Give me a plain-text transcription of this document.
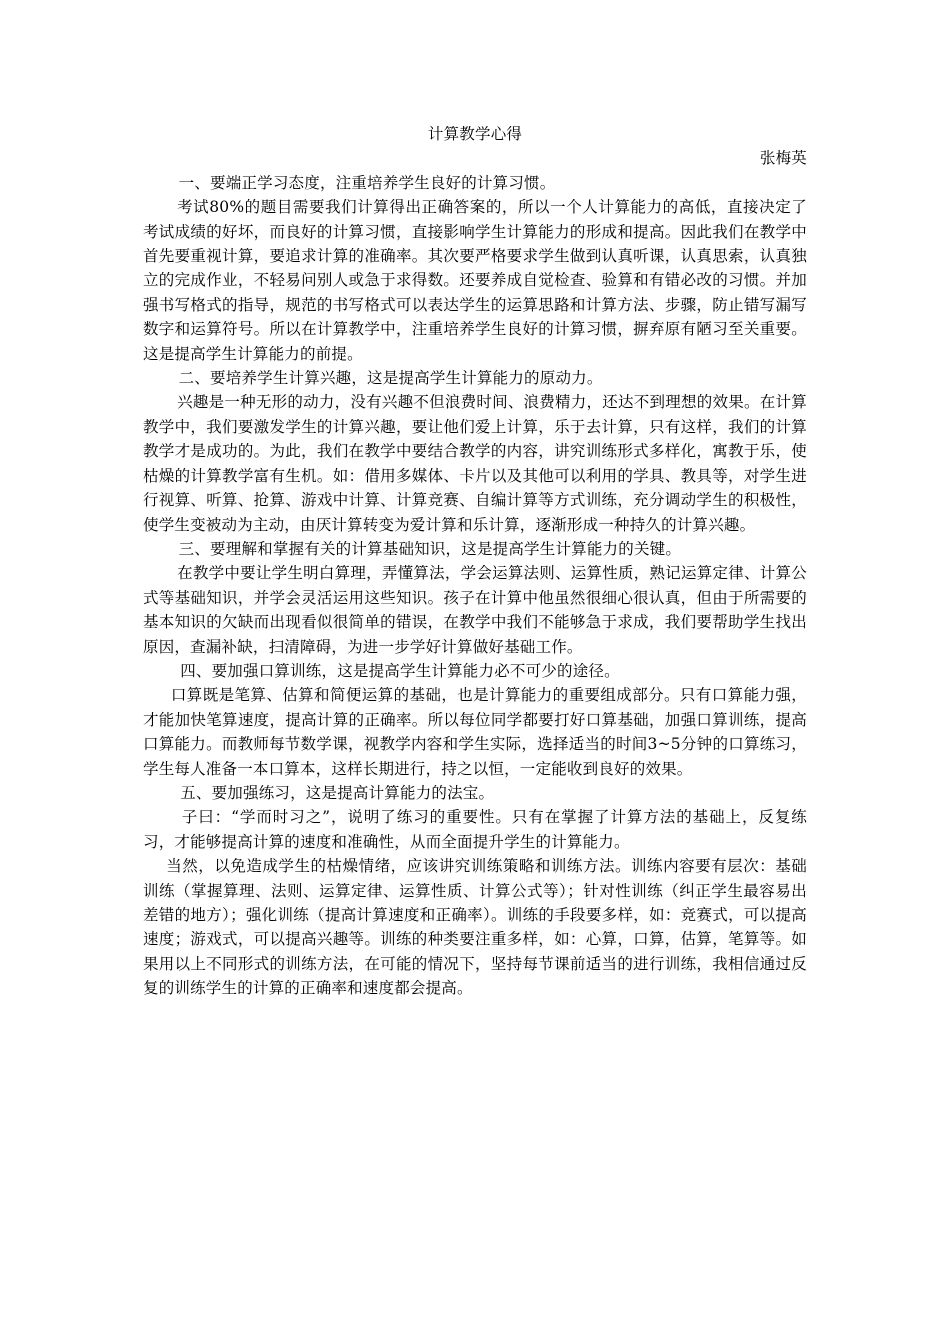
计算教学心得

张梅英

一、要端正学习态度，注重培养学生良好的计算习惯。

考试80%的题目需要我们计算得出正确答案的，所以一个人计算能力的高低，直接决定了考试成绩的好坏，而良好的计算习惯，直接影响学生计算能力的形成和提高。因此我们在教学中首先要重视计算，要追求计算的准确率。其次要严格要求学生做到认真听课，认真思索，认真独立的完成作业，不轻易问别人或急于求得数。还要养成自觉检查、验算和有错必改的习惯。并加强书写格式的指导，规范的书写格式可以表达学生的运算思路和计算方法、步骤，防止错写漏写数字和运算符号。所以在计算教学中，注重培养学生良好的计算习惯，摒弃原有陋习至关重要。这是提高学生计算能力的前提。

二、要培养学生计算兴趣，这是提高学生计算能力的原动力。

兴趣是一种无形的动力，没有兴趣不但浪费时间、浪费精力，还达不到理想的效果。在计算教学中，我们要激发学生的计算兴趣，要让他们爱上计算，乐于去计算，只有这样，我们的计算教学才是成功的。为此，我们在教学中要结合教学的内容，讲究训练形式多样化，寓教于乐，使枯燥的计算教学富有生机。如：借用多媒体、卡片以及其他可以利用的学具、教具等，对学生进行视算、听算、抢算、游戏中计算、计算竞赛、自编计算等方式训练，充分调动学生的积极性，使学生变被动为主动，由厌计算转变为爱计算和乐计算，逐渐形成一种持久的计算兴趣。

三、要理解和掌握有关的计算基础知识，这是提高学生计算能力的关键。

在教学中要让学生明白算理，弄懂算法，学会运算法则、运算性质，熟记运算定律、计算公式等基础知识，并学会灵活运用这些知识。孩子在计算中他虽然很细心很认真，但由于所需要的基本知识的欠缺而出现看似很简单的错误，在教学中我们不能够急于求成，我们要帮助学生找出原因，查漏补缺，扫清障碍，为进一步学好计算做好基础工作。

四、要加强口算训练，这是提高学生计算能力必不可少的途径。

口算既是笔算、估算和简便运算的基础，也是计算能力的重要组成部分。只有口算能力强，才能加快笔算速度，提高计算的正确率。所以每位同学都要打好口算基础，加强口算训练，提高口算能力。而教师每节数学课，视教学内容和学生实际，选择适当的时间3~5分钟的口算练习，学生每人准备一本口算本，这样长期进行，持之以恒，一定能收到良好的效果。

五、要加强练习，这是提高计算能力的法宝。

子曰：“学而时习之”，说明了练习的重要性。只有在掌握了计算方法的基础上，反复练习，才能够提高计算的速度和准确性，从而全面提升学生的计算能力。

当然，以免造成学生的枯燥情绪，应该讲究训练策略和训练方法。训练内容要有层次：基础训练（掌握算理、法则、运算定律、运算性质、计算公式等）；针对性训练（纠正学生最容易出差错的地方）；强化训练（提高计算速度和正确率）。训练的手段要多样，如：竞赛式，可以提高速度；游戏式，可以提高兴趣等。训练的种类要注重多样，如：心算，口算，估算，笔算等。如果用以上不同形式的训练方法，在可能的情况下，坚持每节课前适当的进行训练，我相信通过反复的训练学生的计算的正确率和速度都会提高。
